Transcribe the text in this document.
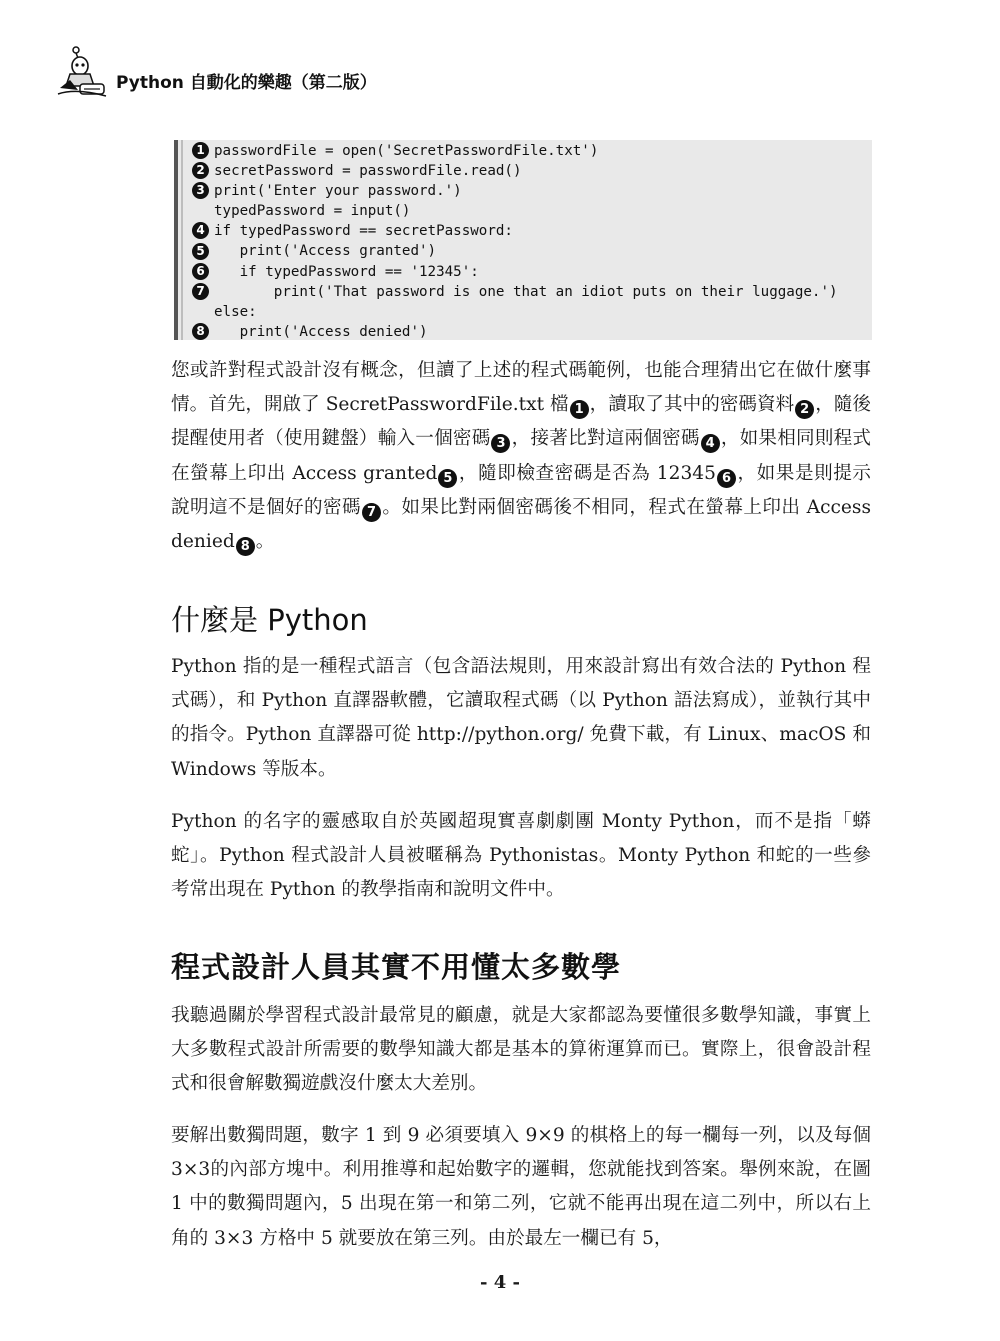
Python 自動化的樂趣（第二版）
1 passwordFile = open('SecretPasswordFile.txt')
2 secretPassword = passwordFile.read()
3 print('Enter your password.')
typedPassword = input()
4 if typedPassword == secretPassword:
5 print('Access granted')
6 if typedPassword == '12345':
7 print('That password is one that an idiot puts on their luggage.')
else:
8 print('Access denied')
您或許對程式設計沒有概念，但讀了上述的程式碼範例，也能合理猜出它在做什麼事情。首先，開啟了 SecretPasswordFile.txt 檔 1 ，讀取了其中的密碼資料 2 ，隨後提醒使用者（使用鍵盤）輸入一個密碼 3 ，接著比對這兩個密碼 4 ，如果相同則程式在螢幕上印出 Access granted 5 ，隨即檢查密碼是否為 12345 6 ，如果是則提示說明這不是個好的密碼 7 。如果比對兩個密碼後不相同，程式在螢幕上印出 Access denied 8 。
什麼是 Python
Python 指的是一種程式語言（包含語法規則，用來設計寫出有效合法的 Python 程式碼），和 Python 直譯器軟體，它讀取程式碼（以 Python 語法寫成），並執行其中的指令。Python 直譯器可從 http://python.org/ 免費下載，有 Linux、macOS 和 Windows 等版本。
Python 的名字的靈感取自於英國超現實喜劇劇團 Monty Python，而不是指「蟒蛇」。Python 程式設計人員被暱稱為 Pythonistas。Monty Python 和蛇的一些參考常出現在 Python 的教學指南和說明文件中。
程式設計人員其實不用懂太多數學
我聽過關於學習程式設計最常見的顧慮，就是大家都認為要懂很多數學知識，事實上大多數程式設計所需要的數學知識大都是基本的算術運算而已。實際上，很會設計程式和很會解數獨遊戲沒什麼太大差別。
要解出數獨問題，數字 1 到 9 必須要填入 9×9 的棋格上的每一欄每一列，以及每個3×3的內部方塊中。利用推導和起始數字的邏輯，您就能找到答案。舉例來說，在圖 1 中的數獨問題內，5 出現在第一和第二列，它就不能再出現在這二列中，所以右上角的 3×3 方格中 5 就要放在第三列。由於最左一欄已有 5，
- 4 -
